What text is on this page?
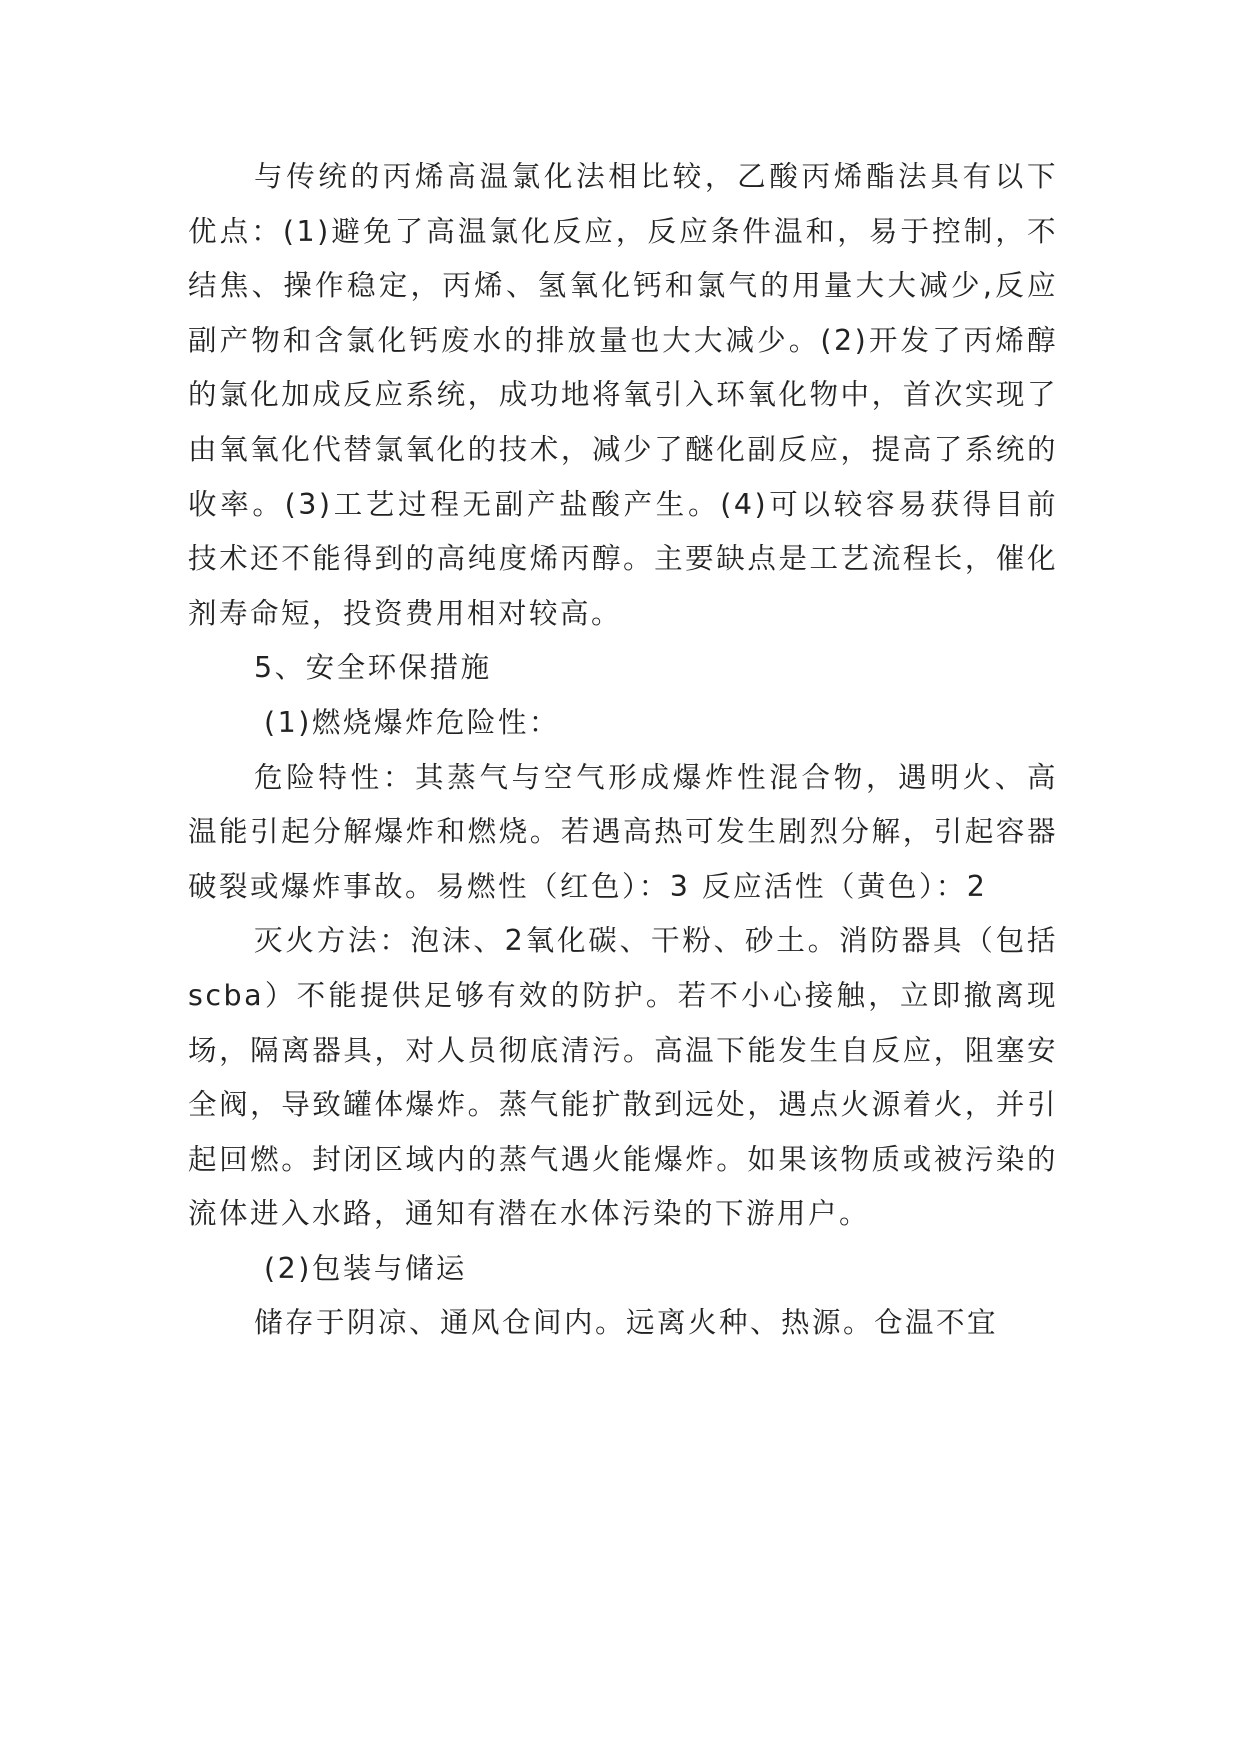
与传统的丙烯高温氯化法相比较，乙酸丙烯酯法具有以下优点：(1)避免了高温氯化反应，反应条件温和，易于控制，不结焦、操作稳定，丙烯、氢氧化钙和氯气的用量大大减少,反应副产物和含氯化钙废水的排放量也大大减少。(2)开发了丙烯醇的氯化加成反应系统，成功地将氧引入环氧化物中，首次实现了由氧氧化代替氯氧化的技术，减少了醚化副反应，提高了系统的收率。(3)工艺过程无副产盐酸产生。(4)可以较容易获得目前技术还不能得到的高纯度烯丙醇。主要缺点是工艺流程长，催化剂寿命短，投资费用相对较高。

5、安全环保措施

(1)燃烧爆炸危险性：

危险特性：其蒸气与空气形成爆炸性混合物，遇明火、高温能引起分解爆炸和燃烧。若遇高热可发生剧烈分解，引起容器破裂或爆炸事故。易燃性（红色）：3 反应活性（黄色）：2

灭火方法：泡沫、2氧化碳、干粉、砂土。消防器具（包括scba）不能提供足够有效的防护。若不小心接触，立即撤离现场，隔离器具，对人员彻底清污。高温下能发生自反应，阻塞安全阀，导致罐体爆炸。蒸气能扩散到远处，遇点火源着火，并引起回燃。封闭区域内的蒸气遇火能爆炸。如果该物质或被污染的流体进入水路，通知有潜在水体污染的下游用户。

(2)包装与储运

储存于阴凉、通风仓间内。远离火种、热源。仓温不宜
